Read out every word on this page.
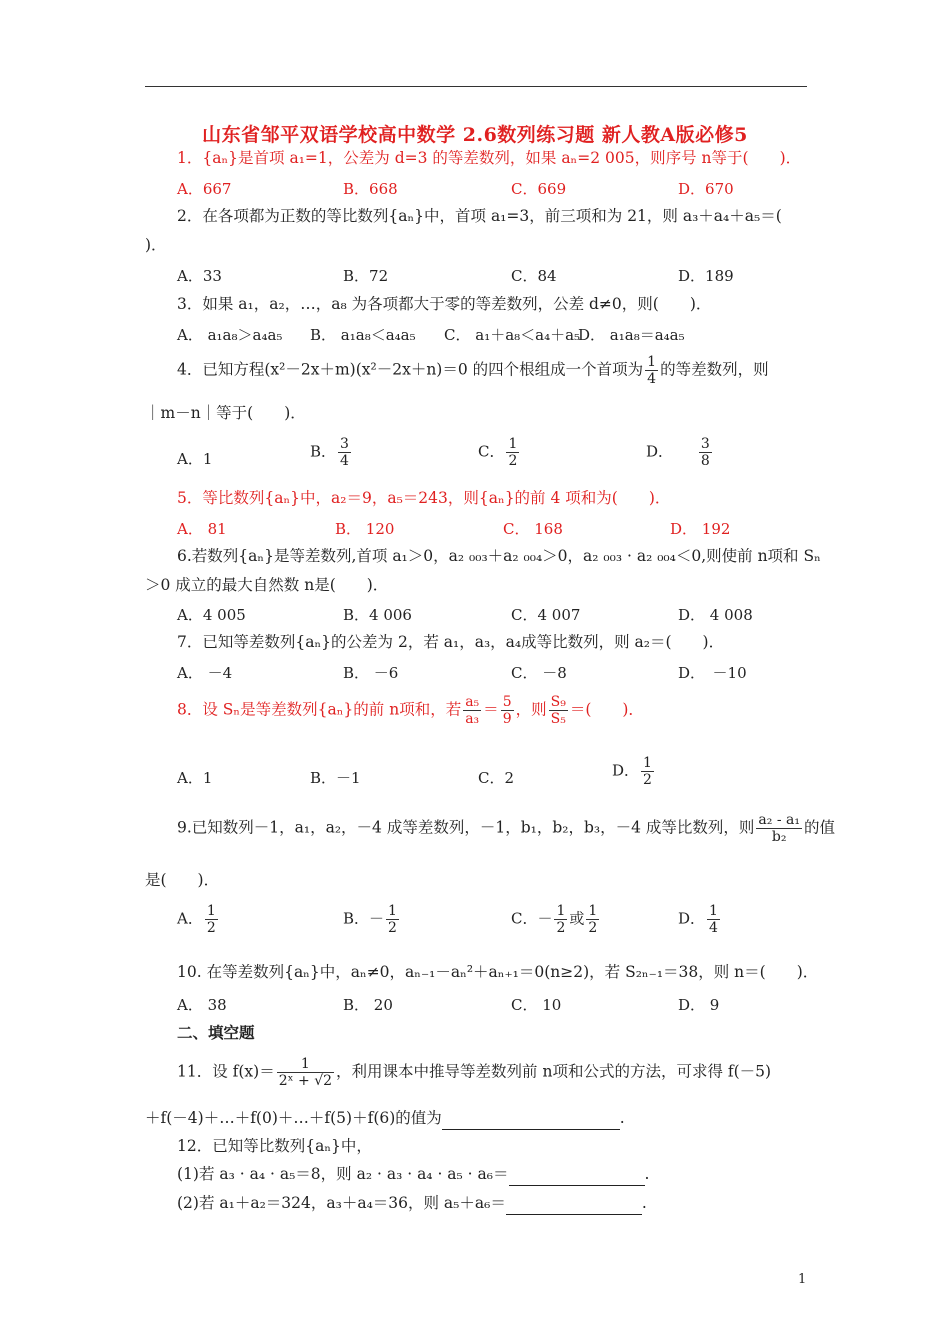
山东省邹平双语学校高中数学 2.6数列练习题 新人教A版必修5
1．{aₙ}是首项 a₁=1，公差为 d=3 的等差数列，如果 aₙ=2 005，则序号 n等于(　　)．
A．667	B．668	C．669	D．670
2．在各项都为正数的等比数列{aₙ}中，首项 a₁=3，前三项和为 21，则 a₃＋a₄＋a₅＝(
)．
A．33	B．72	C．84	D．189
3．如果 a₁，a₂，…，a₈ 为各项都大于零的等差数列，公差 d≠0，则(　　)．
A． a₁a₈＞a₄a₅ B． a₁a₈＜a₄a₅ C． a₁＋a₈＜a₄＋a₅
D． a₁a₈＝a₄a₅
4．已知方程(x²－2x＋m)(x²－2x＋n)＝0 的四个根组成一个首项为 $\frac{1}{4}$ 的等差数列，则
｜m－n｜等于(　　)．
A．1	B． $\frac{3}{4}$	C． $\frac{1}{2}$	D． $\frac{3}{8}$
5．等比数列{aₙ}中，a₂＝9，a₅＝243，则{aₙ}的前 4 项和为(　　)．
A． 81	B． 120	C． 168	D． 192
6.若数列{aₙ}是等差数列,首项 a₁＞0，a₂ ₀₀₃＋a₂ ₀₀₄＞0，a₂ ₀₀₃ · a₂ ₀₀₄＜0,则使前 n项和 Sₙ
＞0 成立的最大自然数 n是(　　)．
A．4 005	B．4 006	C．4 007	D． 4 008
7．已知等差数列{aₙ}的公差为 2，若 a₁，a₃，a₄成等比数列，则 a₂＝(　　)．
A． －4	B． －6	C． －8	D．　－10
8．设 Sₙ是等差数列{aₙ}的前 n项和，若 $\frac{\text{a₅}}{\text{a₃}} = \frac{5}{9}$ ，则 $\frac{\text{S₉}}{\text{S₅}}$ ＝(　　)．
A．1	B．－1	C．2	D． $\frac{1}{2}$
9.已知数列－1，a₁，a₂，－4 成等差数列，－1，b₁，b₂，b₃，－4 成等比数列，则 $\frac{\text{a₂ - a₁}}{\text{b₂}}$ 的值
是(　　)．
A． $\frac{1}{2}$	B．－ $\frac{1}{2}$	C．－ $\frac{1}{2}$ 或 $\frac{1}{2}$	D． $\frac{1}{4}$
10. 在等差数列{aₙ}中，aₙ≠0，aₙ₋₁－aₙ²＋aₙ₊₁＝0(n≥2)，若 S₂ₙ₋₁＝38，则 n＝(　　)．
A． 38	B． 20	C． 10	D． 9
二、填空题
11．设 $f(x)= \frac{1}{\text{2ˣ + √2}}$ ，利用课本中推导等差数列前 n项和公式的方法，可求得 f(－5)
＋f(－4)＋…＋f(0)＋…＋f(5)＋f(6)的值为	.
12．已知等比数列{aₙ}中，
(1)若 a₃ · a₄ · a₅＝8，则 a₂ · a₃ · a₄ · a₅ · a₆＝	.
(2)若 a₁＋a₂＝324，a₃＋a₄＝36，则 a₅＋a₆＝	.
1
